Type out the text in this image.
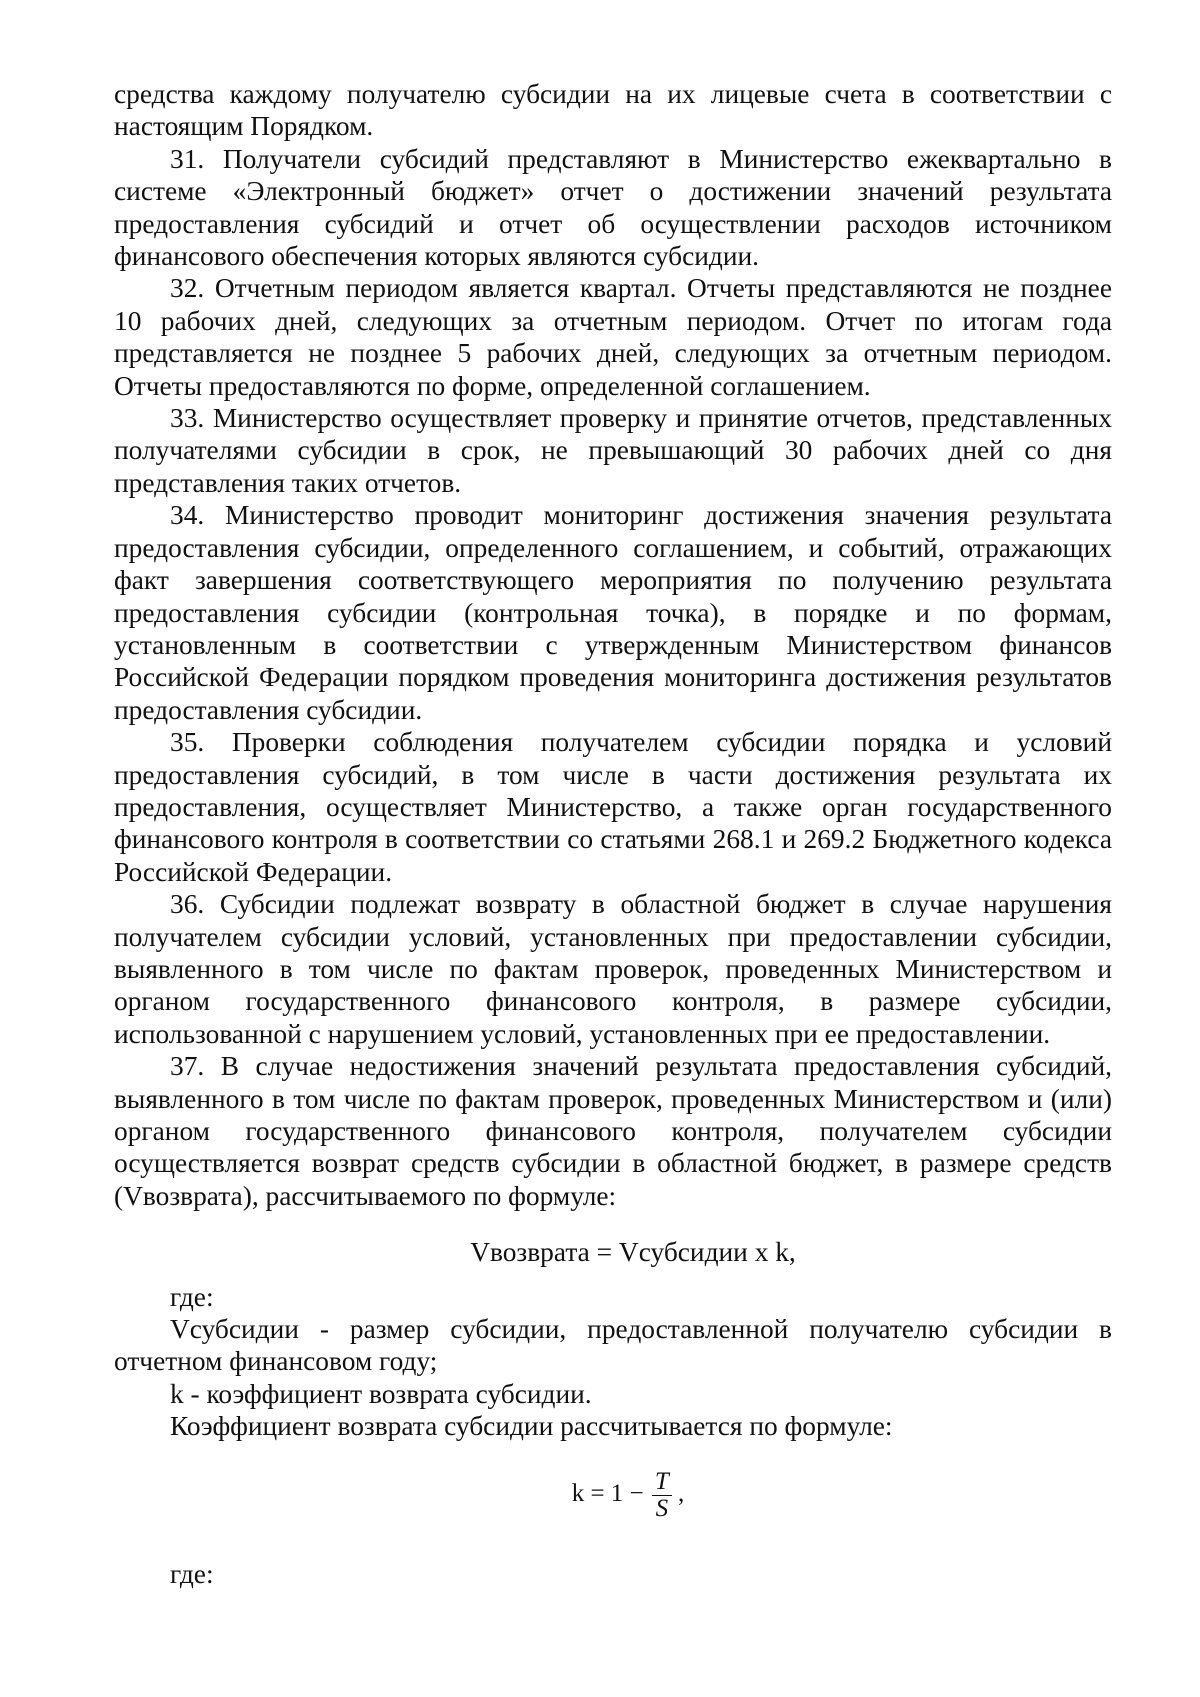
средства каждому получателю субсидии на их лицевые счета в соответствии с настоящим Порядком.

31. Получатели субсидий представляют в Министерство ежеквартально в системе «Электронный бюджет» отчет о достижении значений результата предоставления субсидий и отчет об осуществлении расходов источником финансового обеспечения которых являются субсидии.

32. Отчетным периодом является квартал. Отчеты представляются не позднее 10 рабочих дней, следующих за отчетным периодом. Отчет по итогам года представляется не позднее 5 рабочих дней, следующих за отчетным периодом. Отчеты предоставляются по форме, определенной соглашением.

33. Министерство осуществляет проверку и принятие отчетов, представленных получателями субсидии в срок, не превышающий 30 рабочих дней со дня представления таких отчетов.

34. Министерство проводит мониторинг достижения значения результата предоставления субсидии, определенного соглашением, и событий, отражающих факт завершения соответствующего мероприятия по получению результата предоставления субсидии (контрольная точка), в порядке и по формам, установленным в соответствии с утвержденным Министерством финансов Российской Федерации порядком проведения мониторинга достижения результатов предоставления субсидии.

35. Проверки соблюдения получателем субсидии порядка и условий предоставления субсидий, в том числе в части достижения результата их предоставления, осуществляет Министерство, а также орган государственного финансового контроля в соответствии со статьями 268.1 и 269.2 Бюджетного кодекса Российской Федерации.

36. Субсидии подлежат возврату в областной бюджет в случае нарушения получателем субсидии условий, установленных при предоставлении субсидии, выявленного в том числе по фактам проверок, проведенных Министерством и органом государственного финансового контроля, в размере субсидии, использованной с нарушением условий, установленных при ее предоставлении.

37. В случае недостижения значений результата предоставления субсидий, выявленного в том числе по фактам проверок, проведенных Министерством и (или) органом государственного финансового контроля, получателем субсидии осуществляется возврат средств субсидии в областной бюджет, в размере средств (Vвозврата), рассчитываемого по формуле:

Vвозврата = Vсубсидии x k,
где:

Vсубсидии - размер субсидии, предоставленной получателю субсидии в отчетном финансовом году;

k - коэффициент возврата субсидии.

Коэффициент возврата субсидии рассчитывается по формуле:

$k = 1 - \frac{T}{S}$ ,
где:
